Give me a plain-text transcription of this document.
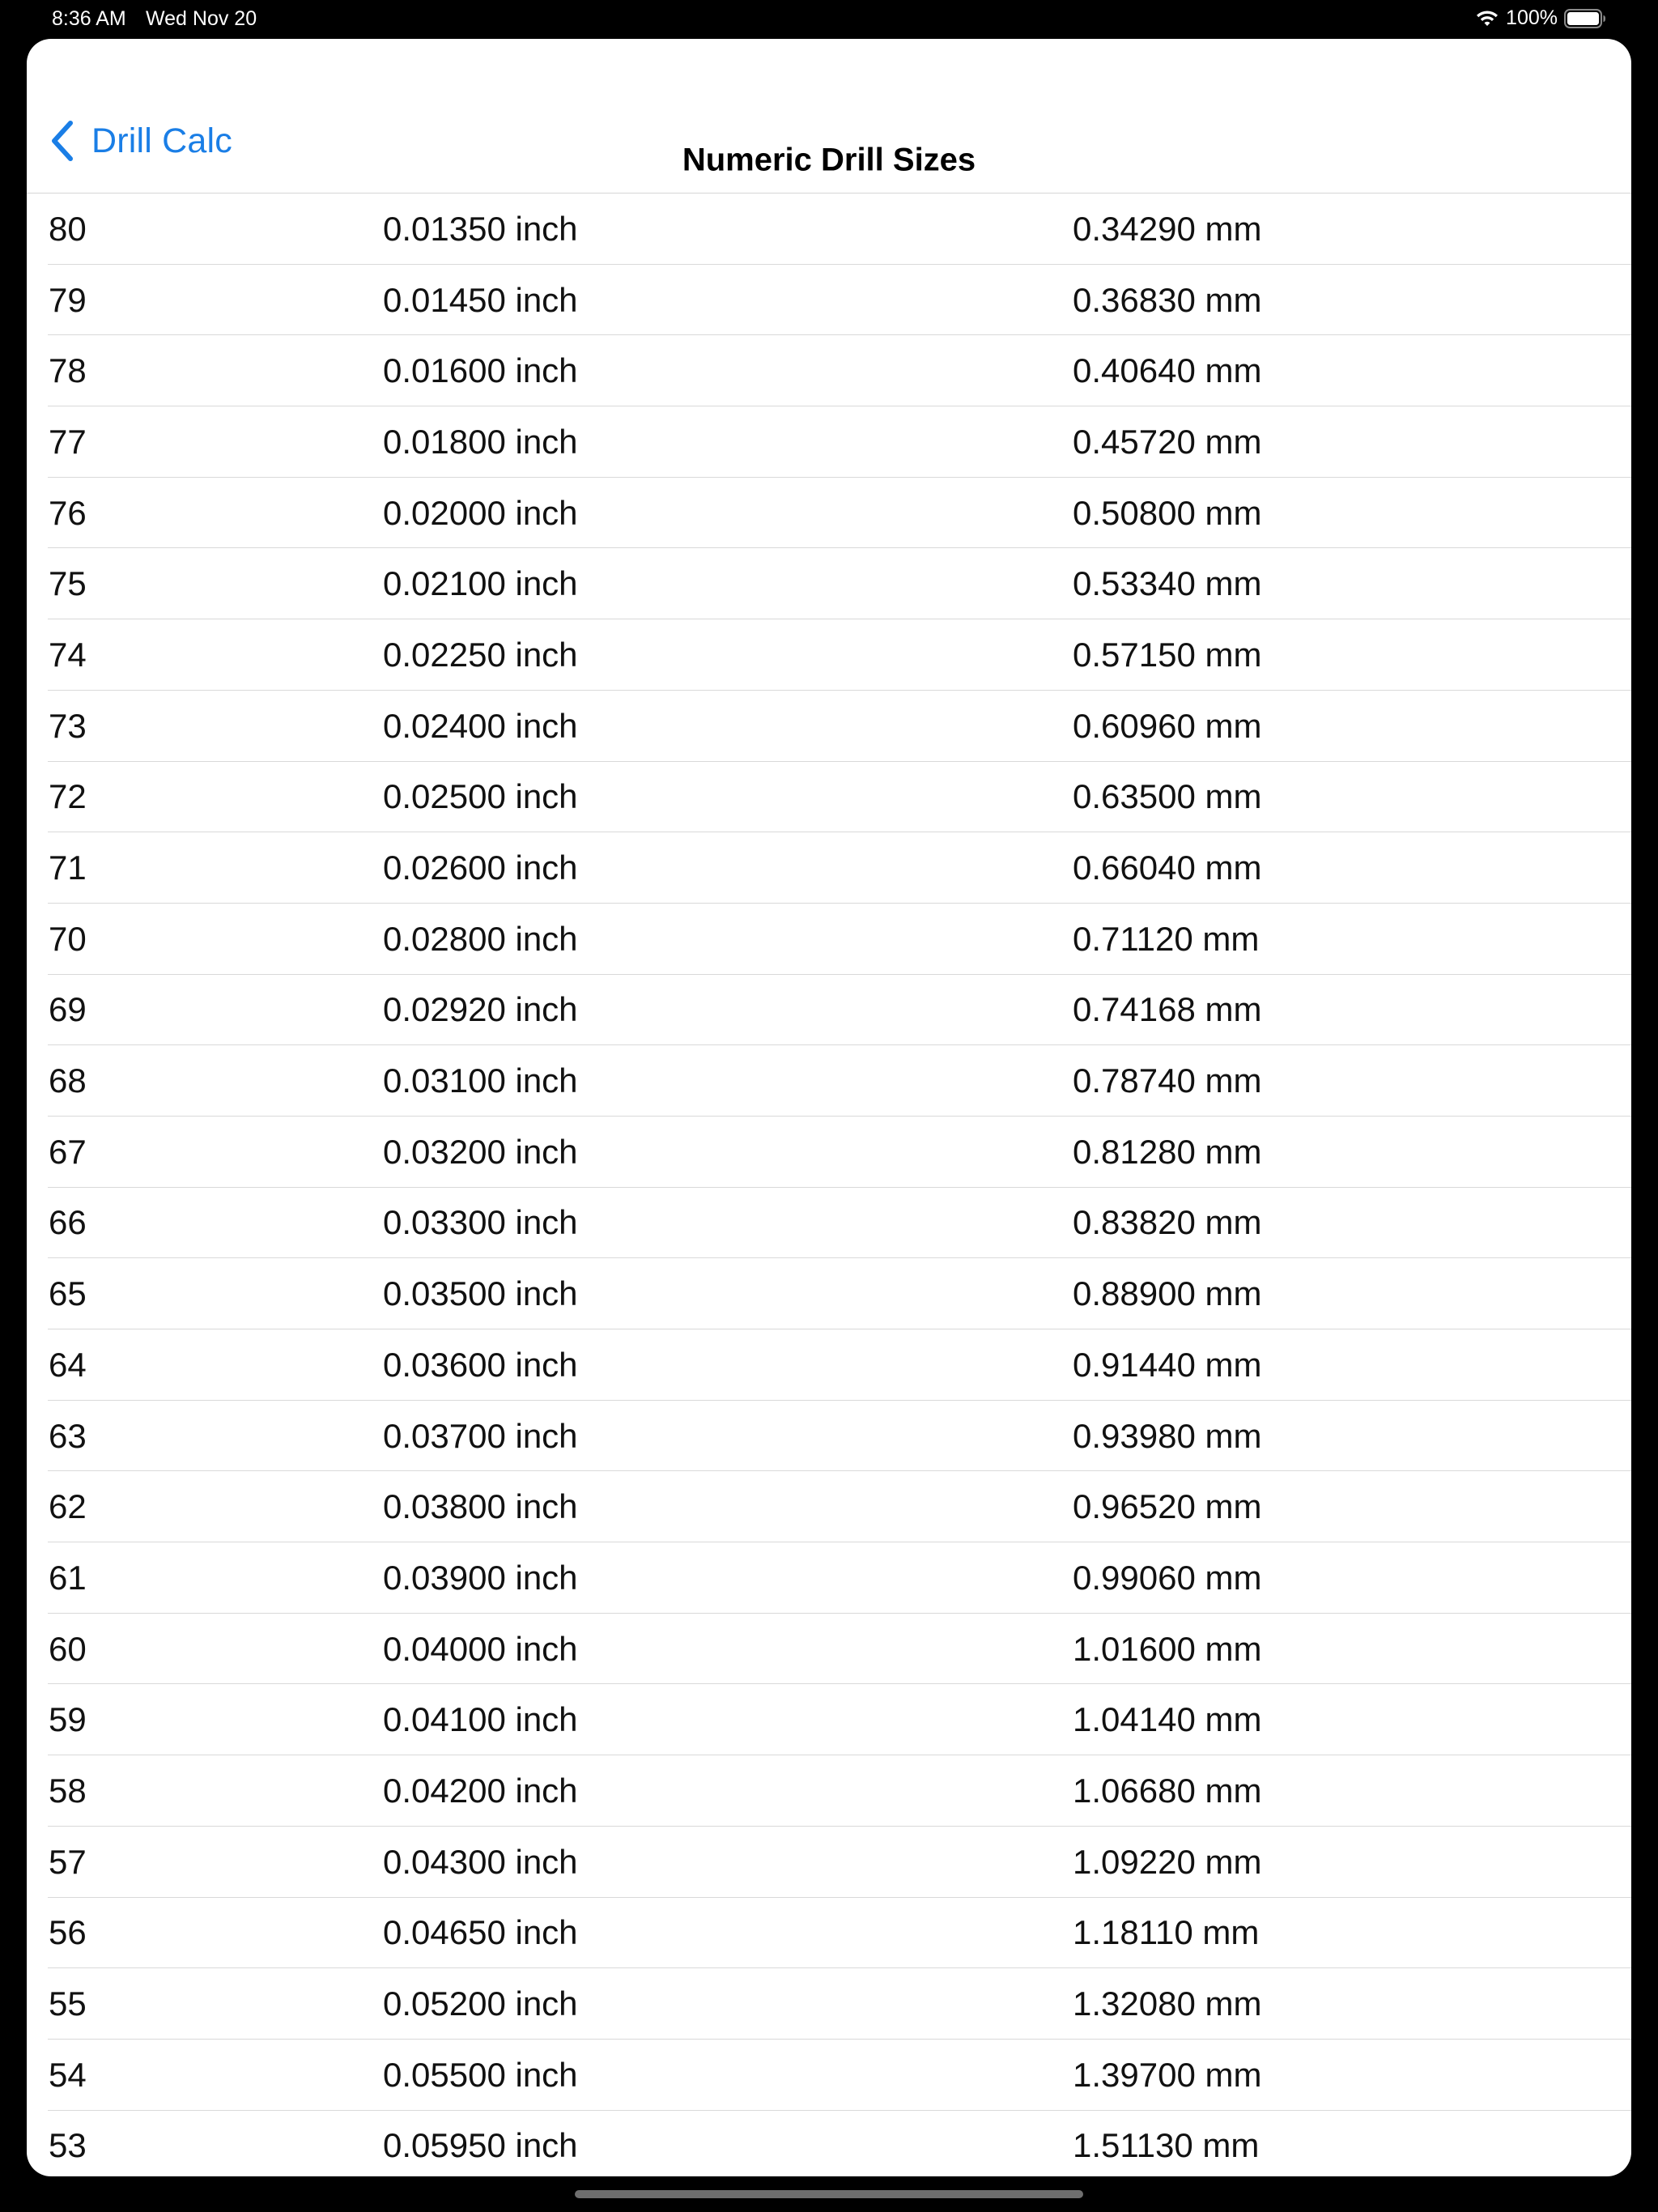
8:36 AM Wed Nov 20	100%
Drill Calc	Numeric Drill Sizes
80	0.01350 inch	0.34290 mm
79	0.01450 inch	0.36830 mm
78	0.01600 inch	0.40640 mm
77	0.01800 inch	0.45720 mm
76	0.02000 inch	0.50800 mm
75	0.02100 inch	0.53340 mm
74	0.02250 inch	0.57150 mm
73	0.02400 inch	0.60960 mm
72	0.02500 inch	0.63500 mm
71	0.02600 inch	0.66040 mm
70	0.02800 inch	0.71120 mm
69	0.02920 inch	0.74168 mm
68	0.03100 inch	0.78740 mm
67	0.03200 inch	0.81280 mm
66	0.03300 inch	0.83820 mm
65	0.03500 inch	0.88900 mm
64	0.03600 inch	0.91440 mm
63	0.03700 inch	0.93980 mm
62	0.03800 inch	0.96520 mm
61	0.03900 inch	0.99060 mm
60	0.04000 inch	1.01600 mm
59	0.04100 inch	1.04140 mm
58	0.04200 inch	1.06680 mm
57	0.04300 inch	1.09220 mm
56	0.04650 inch	1.18110 mm
55	0.05200 inch	1.32080 mm
54	0.05500 inch	1.39700 mm
53	0.05950 inch	1.51130 mm
